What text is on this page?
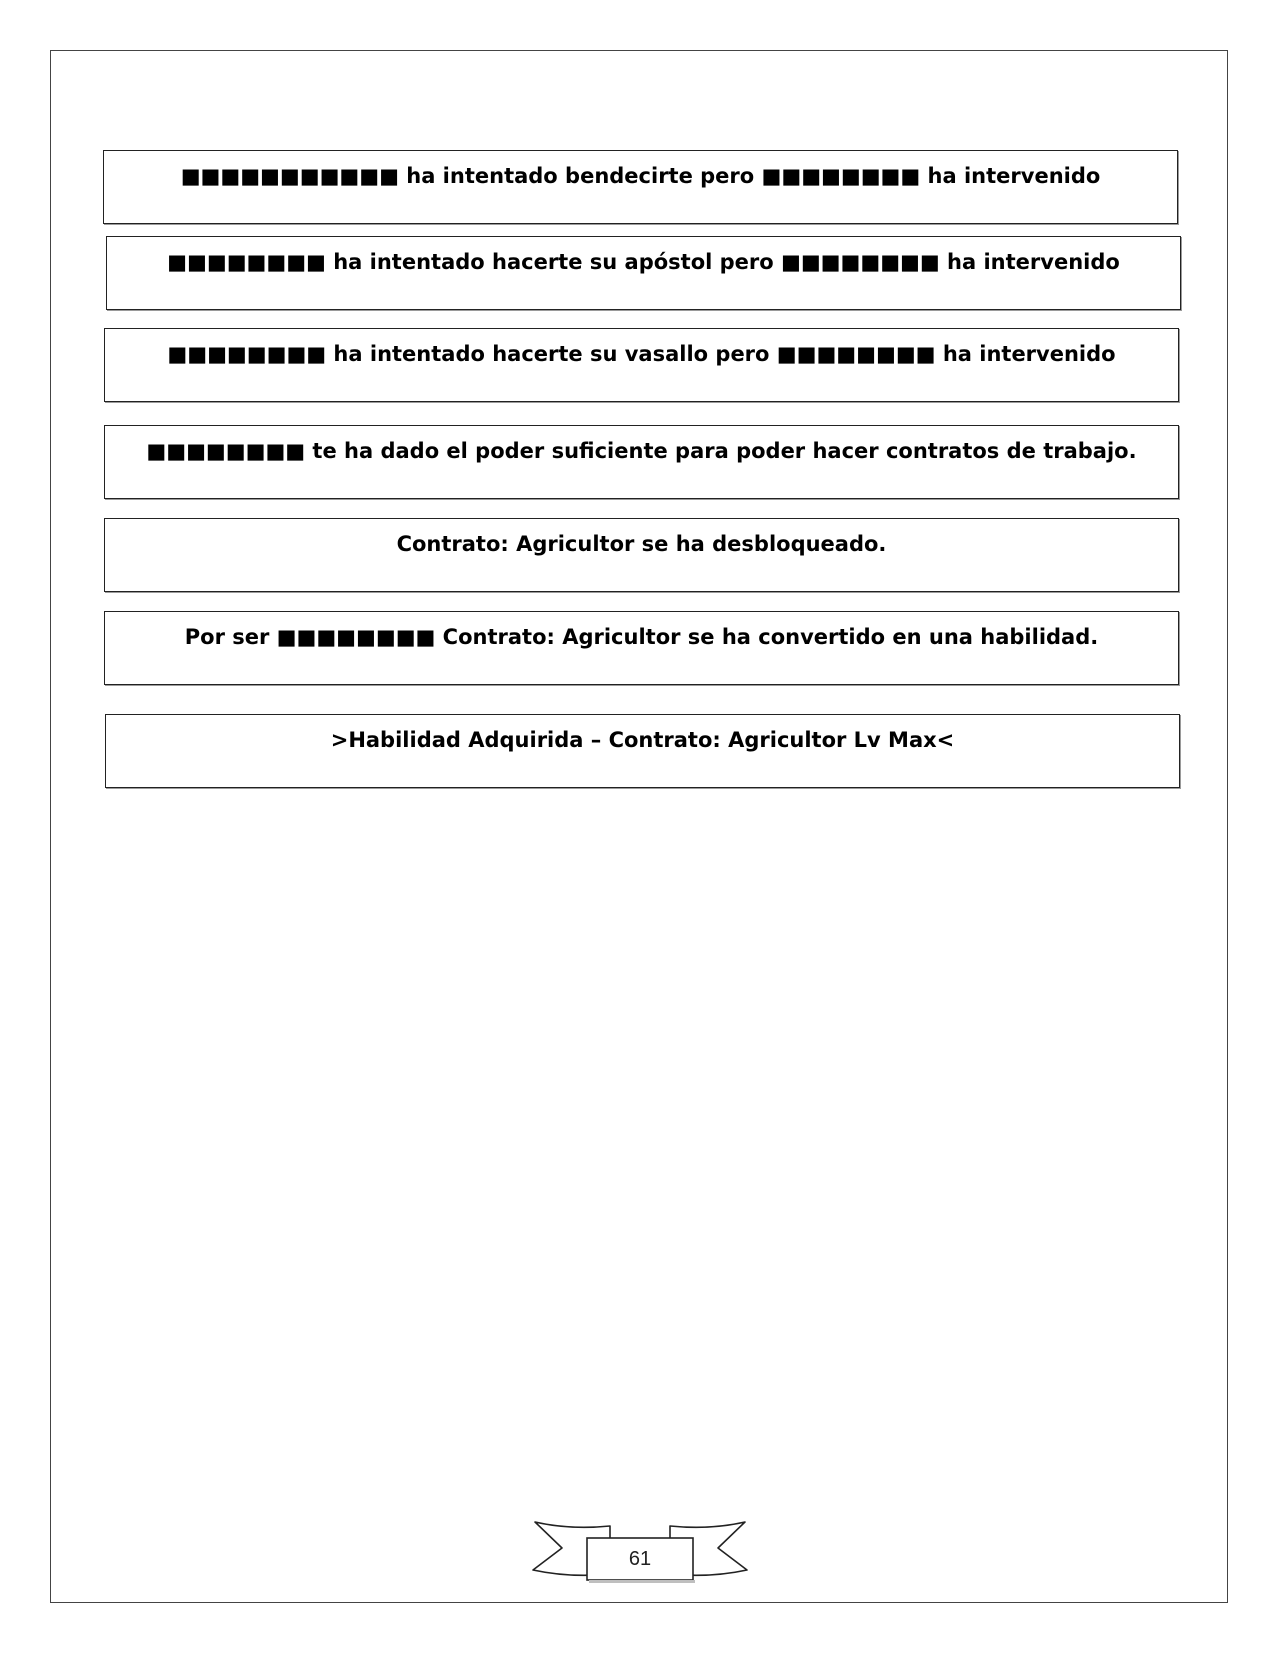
■■■■■■■■■■■ ha intentado bendecirte pero ■■■■■■■■ ha intervenido
■■■■■■■■ ha intentado hacerte su apóstol pero ■■■■■■■■ ha intervenido
■■■■■■■■ ha intentado hacerte su vasallo pero ■■■■■■■■ ha intervenido
■■■■■■■■ te ha dado el poder suficiente para poder hacer contratos de trabajo.
Contrato: Agricultor se ha desbloqueado.
Por ser ■■■■■■■■ Contrato: Agricultor se ha convertido en una habilidad.
>Habilidad Adquirida – Contrato: Agricultor Lv Max<
61
